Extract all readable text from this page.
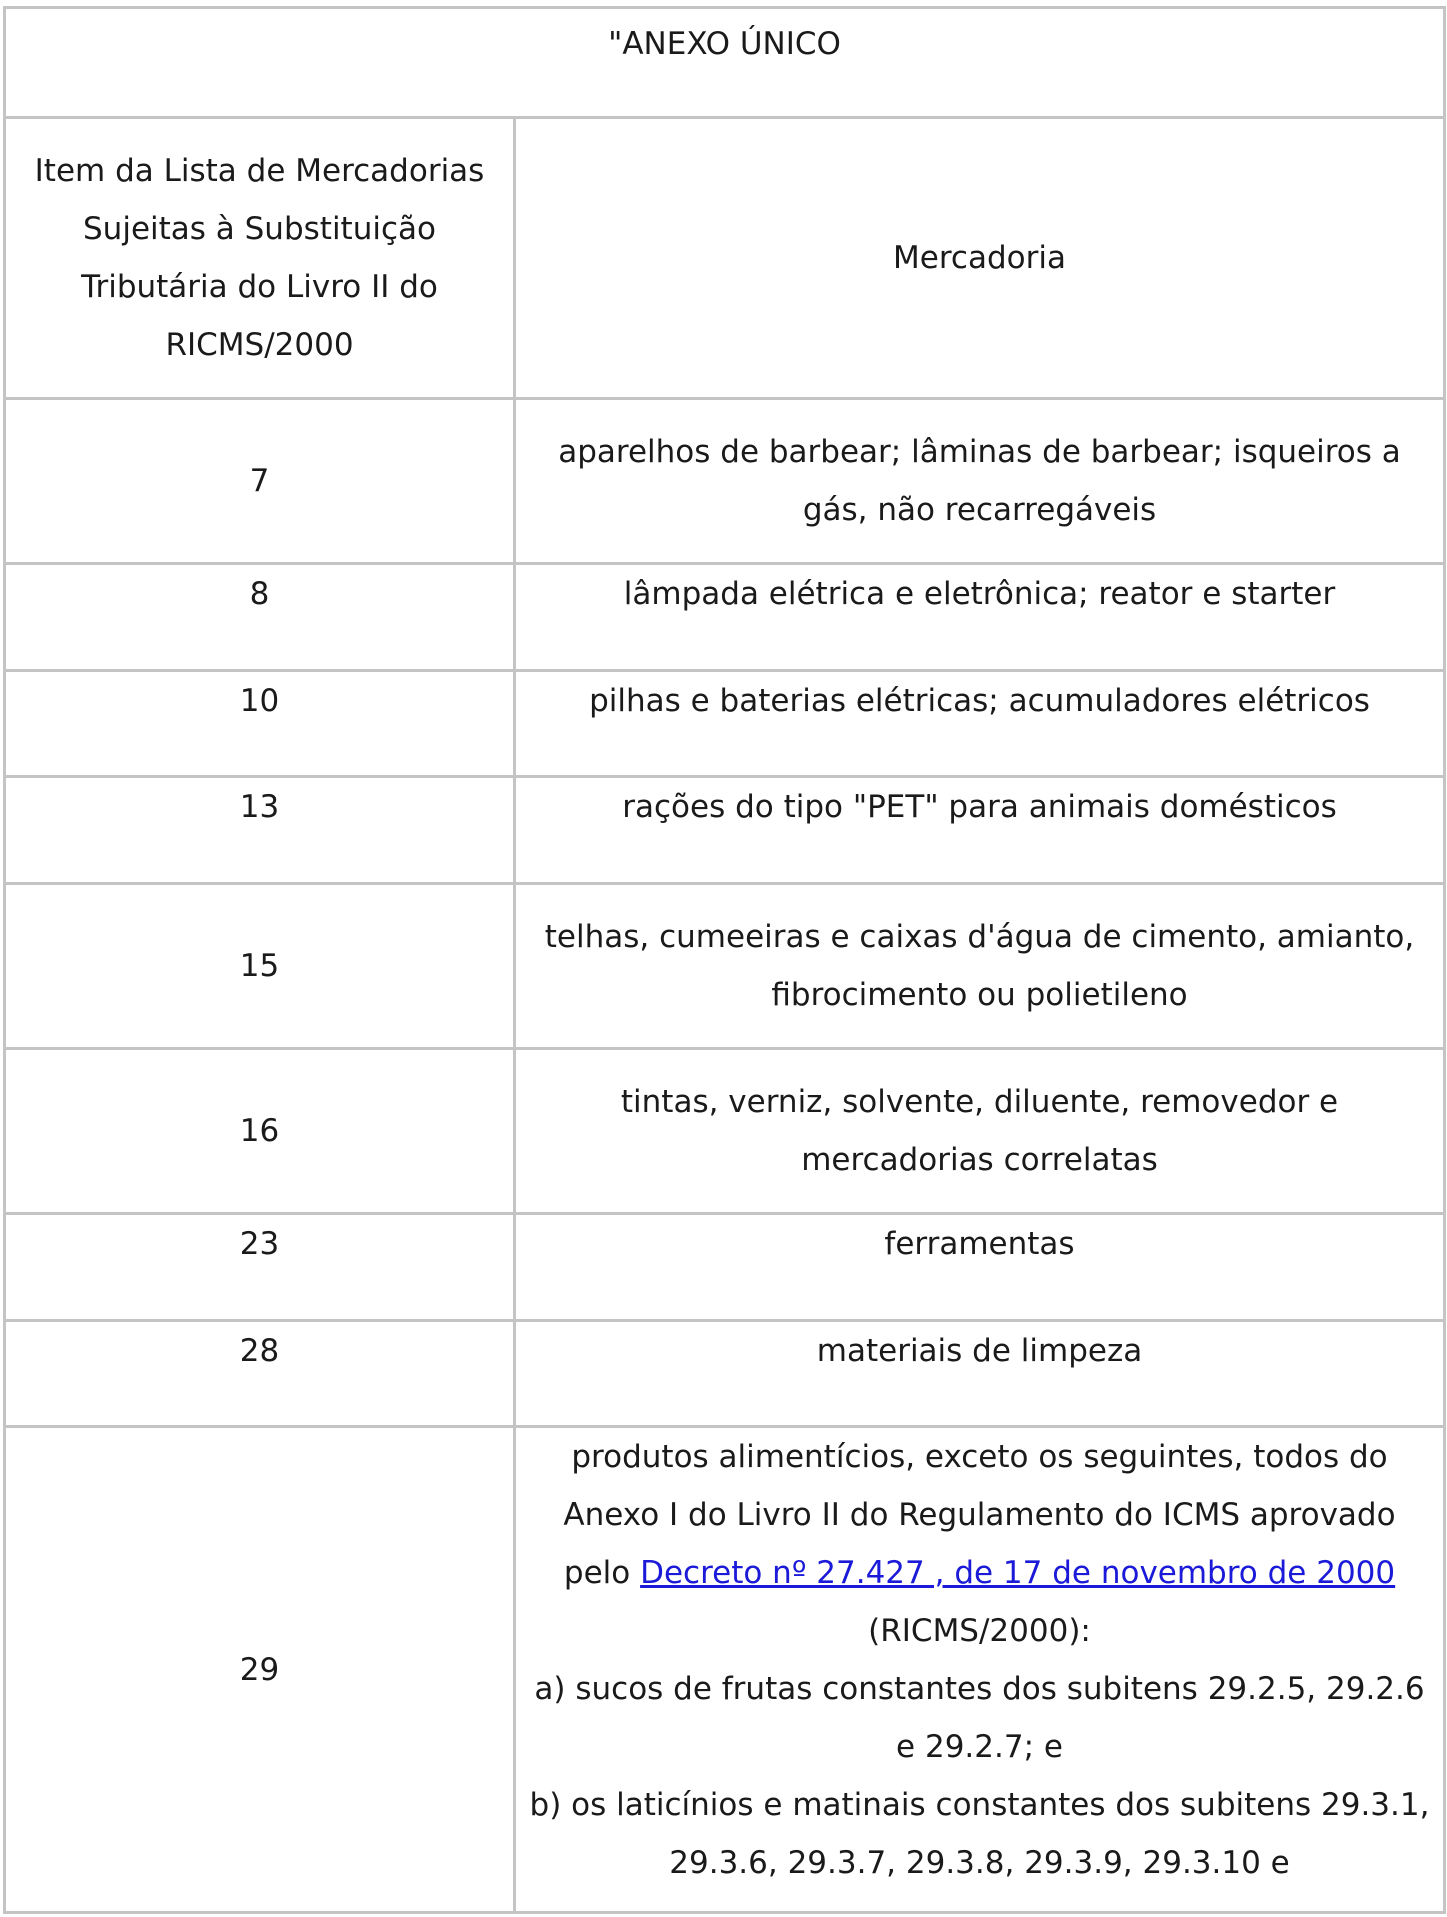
"ANEXO ÚNICO	
Item da Lista de Mercadorias Sujeitas à Substituição Tributária do Livro II do RICMS/2000	Mercadoria
7	aparelhos de barbear; lâminas de barbear; isqueiros a gás, não recarregáveis
8	lâmpada elétrica e eletrônica; reator e starter
10	pilhas e baterias elétricas; acumuladores elétricos
13	rações do tipo "PET" para animais domésticos
15	telhas, cumeeiras e caixas d'água de cimento, amianto, fibrocimento ou polietileno
16	tintas, verniz, solvente, diluente, removedor e mercadorias correlatas
23	ferramentas
28	materiais de limpeza
29	produtos alimentícios, exceto os seguintes, todos do Anexo I do Livro II do Regulamento do ICMS aprovado pelo Decreto nº 27.427 , de 17 de novembro de 2000 (RICMS/2000):
a) sucos de frutas constantes dos subitens 29.2.5, 29.2.6 e 29.2.7; e
b) os laticínios e matinais constantes dos subitens 29.3.1, 29.3.6, 29.3.7, 29.3.8, 29.3.9, 29.3.10 e
